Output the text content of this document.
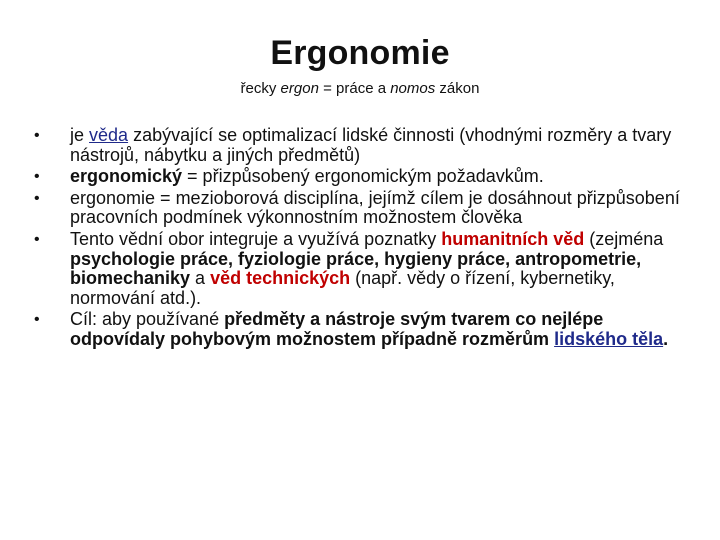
Ergonomie
řecky ergon = práce a nomos zákon
•	je věda zabývající se optimalizací lidské činnosti (vhodnými rozměry a tvary nástrojů, nábytku a jiných předmětů)
•	ergonomický = přizpůsobený ergonomickým požadavkům.
•	ergonomie = mezioborová disciplína, jejímž cílem je dosáhnout přizpůsobení pracovních podmínek výkonnostním možnostem člověka
•	Tento vědní obor integruje a využívá poznatky humanitních věd (zejména psychologie práce, fyziologie práce, hygieny práce, antropometrie, biomechaniky a věd technických (např. vědy o řízení, kybernetiky, normování atd.).
•	Cíl: aby používané předměty a nástroje svým tvarem co nejlépe odpovídaly pohybovým možnostem případně rozměrům lidského těla.
